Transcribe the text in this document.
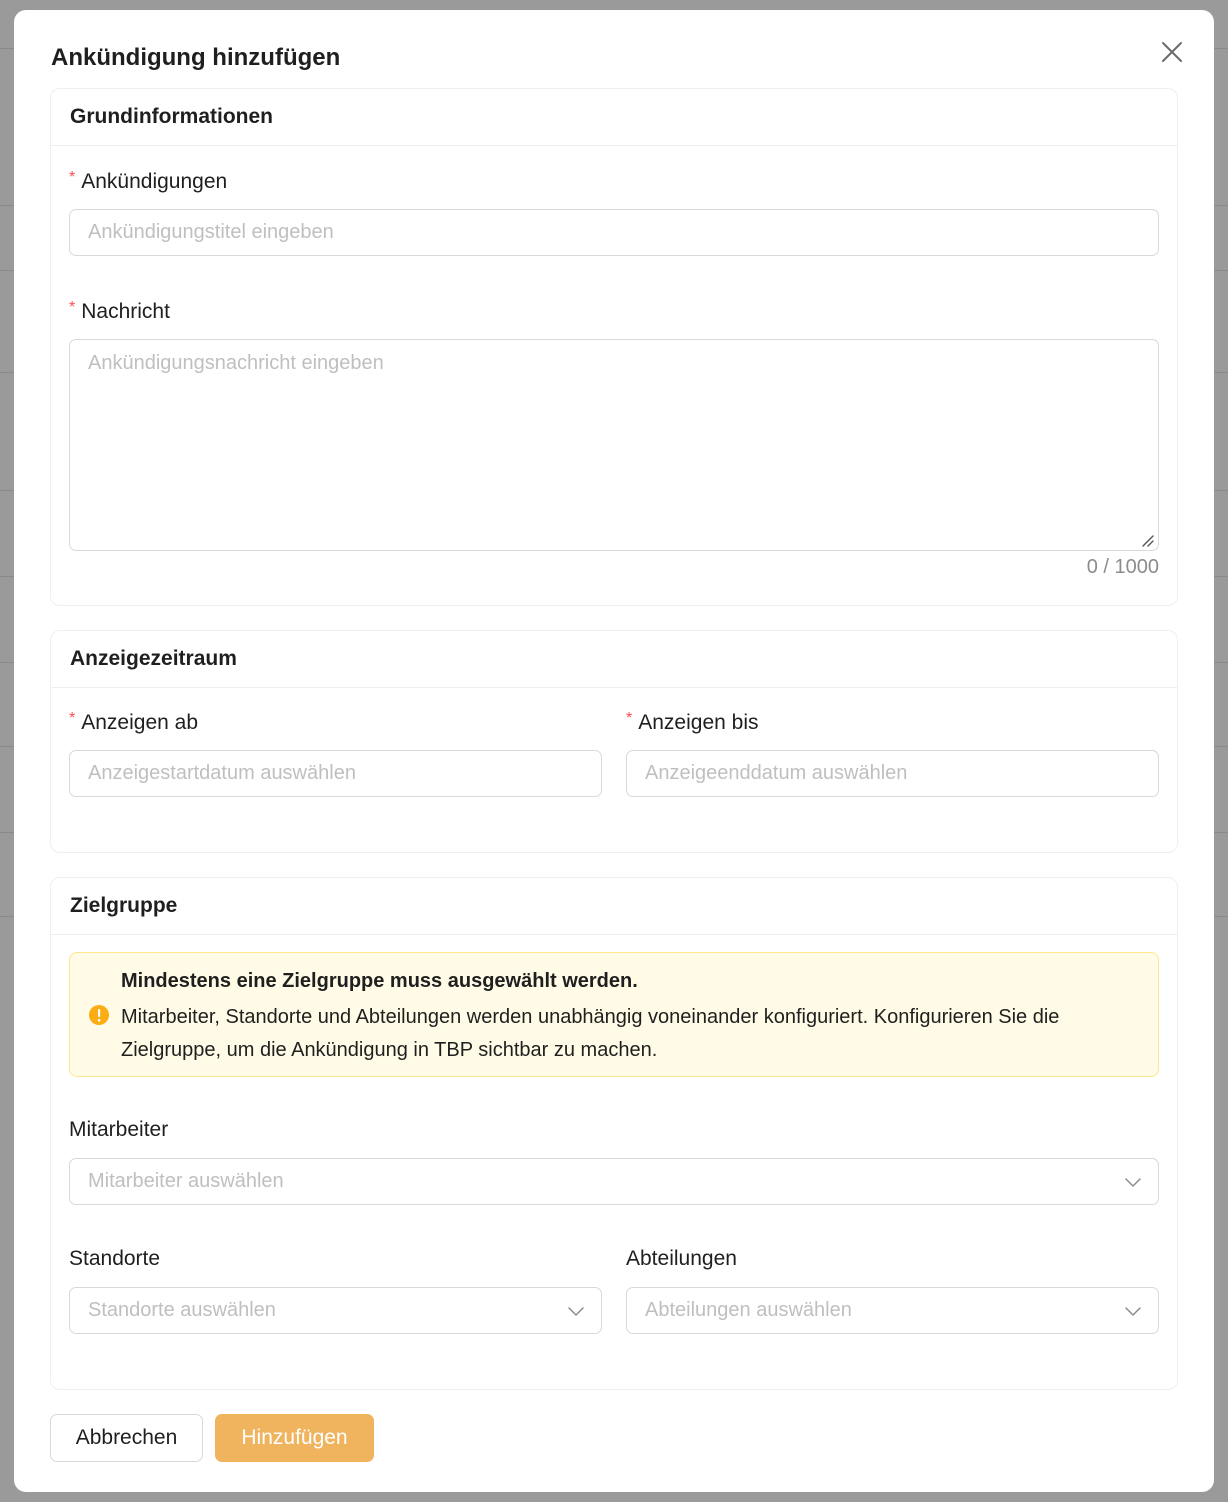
Ankündigung hinzufügen
Grundinformationen
* Ankündigungen
Ankündigungstitel eingeben
* Nachricht
Ankündigungsnachricht eingeben
0 / 1000
Anzeigezeitraum
* Anzeigen ab
Anzeigestartdatum auswählen
* Anzeigen bis
Anzeigeenddatum auswählen
Zielgruppe
Mindestens eine Zielgruppe muss ausgewählt werden.
Mitarbeiter, Standorte und Abteilungen werden unabhängig voneinander konfiguriert. Konfigurieren Sie die Zielgruppe, um die Ankündigung in TBP sichtbar zu machen.
Mitarbeiter
Mitarbeiter auswählen
Standorte
Standorte auswählen
Abteilungen
Abteilungen auswählen
Abbrechen	Hinzufügen
